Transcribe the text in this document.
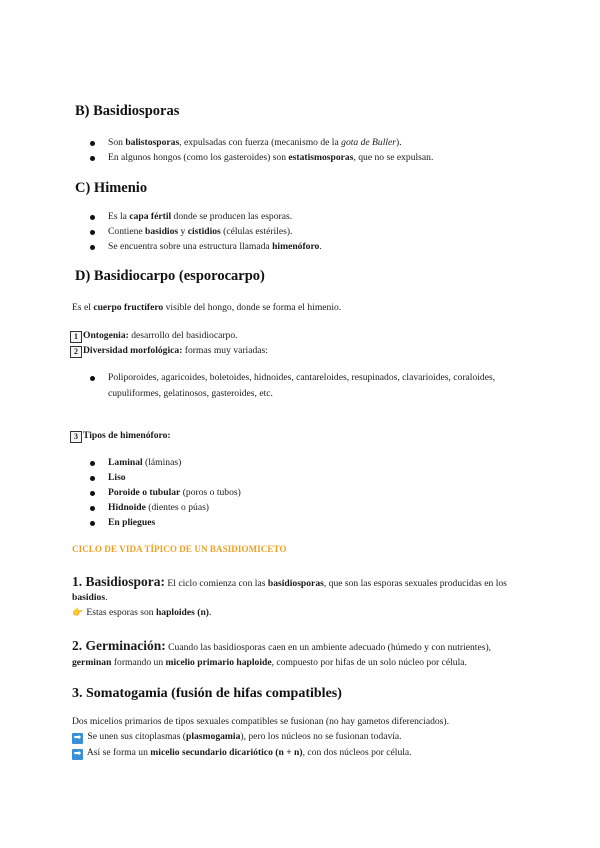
B) Basidiosporas
Son balistosporas, expulsadas con fuerza (mecanismo de la gota de Buller).
En algunos hongos (como los gasteroides) son estatismosporas, que no se expulsan.
C) Himenio
Es la capa fértil donde se producen las esporas.
Contiene basidios y cistidios (células estériles).
Se encuentra sobre una estructura llamada himenóforo.
D) Basidiocarpo (esporocarpo)
Es el cuerpo fructífero visible del hongo, donde se forma el himenio.
1 Ontogenia: desarrollo del basidiocarpo.
2 Diversidad morfológica: formas muy variadas:
Poliporoides, agaricoides, boletoides, hidnoides, cantareloides, resupinados, clavarioides, coraloides,
cupuliformes, gelatinosos, gasteroides, etc.
3 Tipos de himenóforo:
Laminal (láminas)
Liso
Poroide o tubular (poros o tubos)
Hidnoide (dientes o púas)
En pliegues
CICLO DE VIDA TÍPICO DE UN BASIDIOMICETO
1. Basidiospora: El ciclo comienza con las basidiosporas, que son las esporas sexuales producidas en los
basidios.
👉 Estas esporas son haploides (n).
2. Germinación: Cuando las basidiosporas caen en un ambiente adecuado (húmedo y con nutrientes),
germinan formando un micelio primario haploide, compuesto por hifas de un solo núcleo por célula.
3. Somatogamia (fusión de hifas compatibles)
Dos micelios primarios de tipos sexuales compatibles se fusionan (no hay gametos diferenciados).
➡ Se unen sus citoplasmas (plasmogamia), pero los núcleos no se fusionan todavía.
➡ Así se forma un micelio secundario dicariótico (n + n), con dos núcleos por célula.
